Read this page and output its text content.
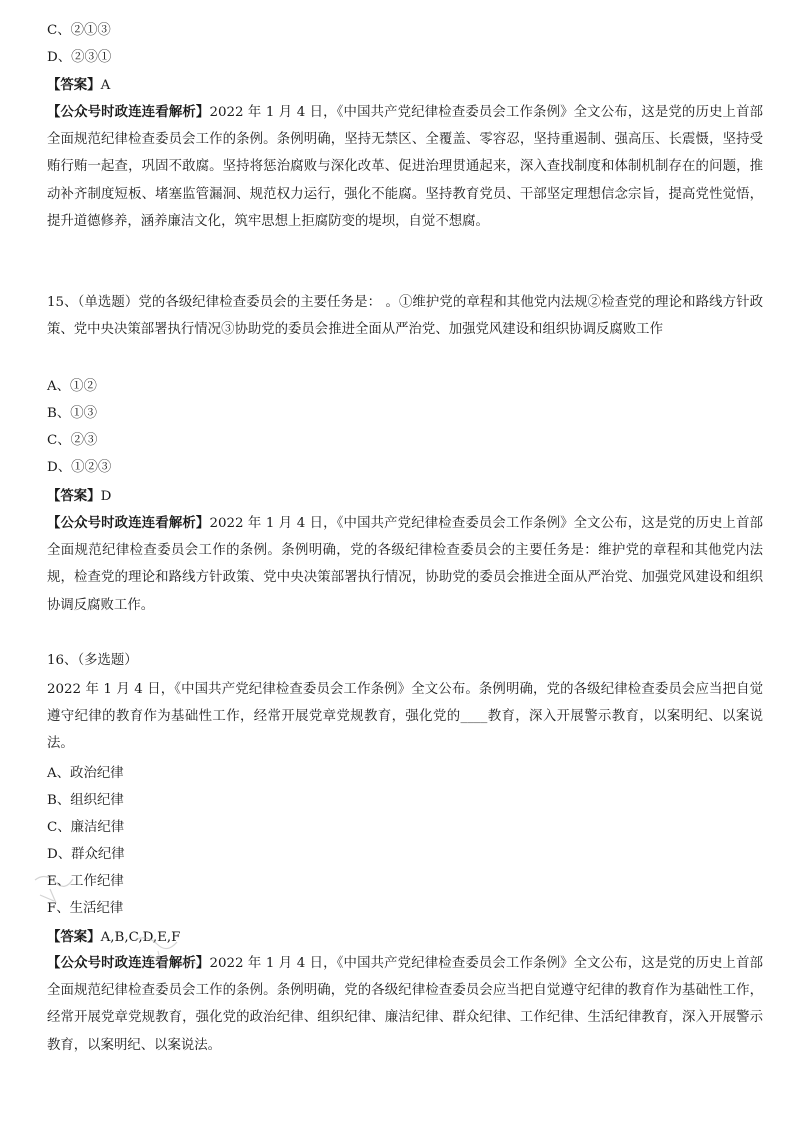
C、②①③
D、②③①
【答案】A
【公众号时政连连看解析】2022 年 1 月 4 日，《中国共产党纪律检查委员会工作条例》全文公布，这是党的历史上首部全面规范纪律检查委员会工作的条例。条例明确，坚持无禁区、全覆盖、零容忍，坚持重遏制、强高压、长震慑，坚持受贿行贿一起查，巩固不敢腐。坚持将惩治腐败与深化改革、促进治理贯通起来，深入查找制度和体制机制存在的问题，推动补齐制度短板、堵塞监管漏洞、规范权力运行，强化不能腐。坚持教育党员、干部坚定理想信念宗旨，提高党性觉悟，提升道德修养，涵养廉洁文化，筑牢思想上拒腐防变的堤坝，自觉不想腐。
15、（单选题）党的各级纪律检查委员会的主要任务是： 。①维护党的章程和其他党内法规②检查党的理论和路线方针政策、党中央决策部署执行情况③协助党的委员会推进全面从严治党、加强党风建设和组织协调反腐败工作
A、①②
B、①③
C、②③
D、①②③
【答案】D
【公众号时政连连看解析】2022 年 1 月 4 日，《中国共产党纪律检查委员会工作条例》全文公布，这是党的历史上首部全面规范纪律检查委员会工作的条例。条例明确，党的各级纪律检查委员会的主要任务是：维护党的章程和其他党内法规，检查党的理论和路线方针政策、党中央决策部署执行情况，协助党的委员会推进全面从严治党、加强党风建设和组织协调反腐败工作。
16、（多选题）
2022 年 1 月 4 日，《中国共产党纪律检查委员会工作条例》全文公布。条例明确，党的各级纪律检查委员会应当把自觉遵守纪律的教育作为基础性工作，经常开展党章党规教育，强化党的____教育，深入开展警示教育，以案明纪、以案说法。
A、政治纪律
B、组织纪律
C、廉洁纪律
D、群众纪律
E、工作纪律
F、生活纪律
【答案】A,B,C,D,E,F
【公众号时政连连看解析】2022 年 1 月 4 日，《中国共产党纪律检查委员会工作条例》全文公布，这是党的历史上首部全面规范纪律检查委员会工作的条例。条例明确，党的各级纪律检查委员会应当把自觉遵守纪律的教育作为基础性工作，经常开展党章党规教育，强化党的政治纪律、组织纪律、廉洁纪律、群众纪律、工作纪律、生活纪律教育，深入开展警示教育，以案明纪、以案说法。
